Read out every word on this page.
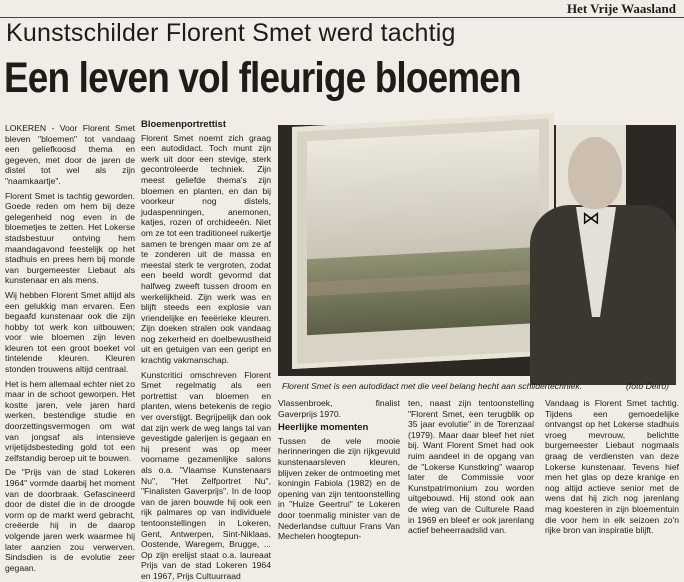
Het Vrije Waasland
Kunstschilder Florent Smet werd tachtig
Een leven vol fleurige bloemen

LOKEREN - Voor Florent Smet bleven "bloemen" tot vandaag een geliefkoosd thema en gegeven, met door de jaren de distel tot wel als zijn "naamkaartje".

Florent Smet is tachtig geworden. Goede reden om hem bij deze gelegenheid nog even in de bloemetjes te zetten. Het Lokerse stadsbestuur ontving hem maandagavond feestelijk op het stadhuis en prees hem bij monde van burgemeester Liebaut als kunstenaar en als mens.

Wij hebben Florent Smet altijd als een gelukkig man ervaren. Een begaafd kunstenaar ook die zijn hobby tot werk kon uitbouwen; voor wie bloemen zijn leven kleuren tot een groot boeket vol tintelende kleuren. Kleuren stonden trouwens altijd centraal.

Het is hem allemaal echter niet zo maar in de schoot geworpen. Het kostte jaren, vele jaren hard werken, bestendige studie en doorzettingsvermogen om wat van jongsaf als intensieve vrijetijdsbesteding gold tot een zelfstandig beroep uit te bouwen.

De "Prijs van de stad Lokeren 1964" vormde daarbij het moment van de doorbraak. Gefascineerd door de distel die in de droogde vorm op de markt werd gebracht, creëerde hij in de daarop volgende jaren werk waarmee hij later aanzien zou verwerven. Sindsdien is de evolutie zeer gegaan.

Bloemenportrettist

Florent Smet noemt zich graag een autodidact. Toch munt zijn werk uit door een stevige, sterk gecontroleerde techniek. Zijn meest geliefde thema's zijn bloemen en planten, en dan bij voorkeur nog distels, judaspenningen, anemonen, katjes, rozen of orchideeën. Niet om ze tot een traditioneel ruikertje samen te brengen maar om ze af te zonderen uit de massa en meestal sterk te vergroten, zodat een beeld wordt gevormd dat halfweg zweeft tussen droom en werkelijkheid. Zijn werk was en blijft steeds een explosie van vriendelijke en feeërieke kleuren. Zijn doeken stralen ook vandaag nog zekerheid en doelbewustheid uit en getuigen van een geript en krachtig vakmanschap.

Kunstcritici omschreven Florent Smet regelmatig als een portrettist van bloemen en planten, wiens betekenis de regio ver overstijgt. Begrijpelijk dan ook dat zijn werk de weg langs tal van gevestigde galerijen is gegaan en hij present was op meer voorname gezamenlijke salons als o.a. "Vlaamse Kunstenaars Nu", "Het Zelfportret Nu", "Finalisten Gaverprijs". In de loop van de jaren bouwde hij ook een rijk palmares op van individuele tentoonstellingen in Lokeren, Gent, Antwerpen, Sint-Niklaas, Oostende, Waregem, Brugge, ... Op zijn erelijst staat o.a. laureaat Prijs van de stad Lokeren 1964 en 1967, Prijs Cultuurraad

⋈
Florent Smet is een autodidact met die veel belang hecht aan schildertechniek.	(foto Delro)

Vlassenbroek, finalist Gaverprijs 1970.

Heerlijke momenten

Tussen de vele mooie herinneringen die zijn rijkgevuld kunstenaarsleven kleuren, blijven zeker de ontmoeting met koningin Fabiola (1982) en de opening van zijn tentoonstelling in "Huize Geertrui" te Lokeren door toenmalig minister van de Nederlandse cultuur Frans Van Mechelen hoogtepun-

ten, naast zijn tentoonstelling "Florent Smet, een terugblik op 35 jaar evolutie" in de Torenzaal (1979). Maar daar bleef het niet bij. Want Florent Smet had ook ruim aandeel in de opgang van de "Lokerse Kunstkring" waarop later de Commissie voor Kunstpatrimonium zou worden uitgebouwd. Hij stond ook aan de wieg van de Culturele Raad in 1969 en bleef er ook jarenlang actief beheerraadslid van.

Vandaag is Florent Smet tachtig. Tijdens een gemoedelijke ontvangst op het Lokerse stadhuis vroeg mevrouw, belichtte burgemeester Liebaut nogmaals graag de verdiensten van deze Lokerse kunstenaar. Tevens hief men het glas op deze kranige en nog altijd actieve senior met de wens dat hij zich nog jarenlang mag koesteren in zijn bloementuin die voor hem in elk seizoen zo'n rijke bron van inspiratie blijft.
